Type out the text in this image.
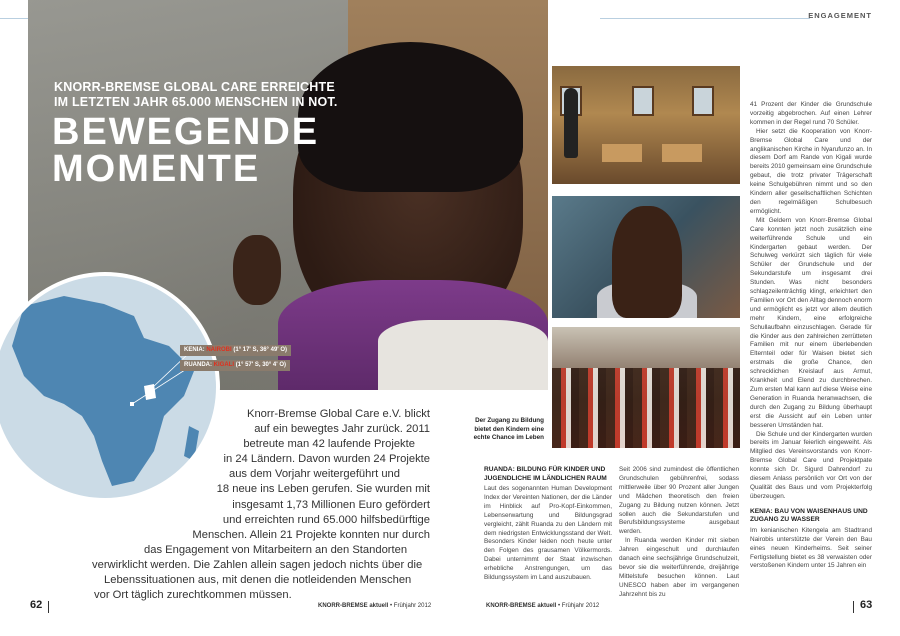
ENGAGEMENT
KNORR-BREMSE GLOBAL CARE ERREICHTE
IM LETZTEN JAHR 65.000 MENSCHEN IN NOT.
BEWEGENDE
MOMENTE
KENIA: NAIROBI (1° 17' S, 36° 49' O)
RUANDA: KIGALI (1° 57' S, 30° 4' O)

Knorr-Bremse Global Care e.V. blickt

auf ein bewegtes Jahr zurück. 2011

betreute man 42 laufende Projekte

in 24 Ländern. Davon wurden 24 Projekte

aus dem Vorjahr weitergeführt und

18 neue ins Leben gerufen. Sie wurden mit

insgesamt 1,73 Millionen Euro gefördert

und erreichten rund 65.000 hilfsbedürftige

Menschen. Allein 21 Projekte konnten nur durch

das Engagement von Mitarbeitern an den Standorten

verwirklicht werden. Die Zahlen allein sagen jedoch nichts über die

Lebenssituationen aus, mit denen die notleidenden Menschen

vor Ort täglich zurechtkommen müssen.

Der Zugang zu Bildung bietet den Kindern eine echte Chance im Leben
RUANDA: BILDUNG FÜR KINDER UND JUGENDLICHE IM LÄNDLICHEN RAUM

Laut des sogenannten Human Development Index der Vereinten Nationen, der die Länder im Hinblick auf Pro-Kopf-Einkommen, Lebenserwartung und Bildungsgrad vergleicht, zählt Ruanda zu den Ländern mit dem niedrigsten Entwicklungsstand der Welt. Besonders Kinder leiden noch heute unter den Folgen des grausamen Völkermords. Dabei unternimmt der Staat inzwischen erhebliche Anstrengungen, um das Bildungssystem im Land auszubauen.

Seit 2006 sind zumindest die öffentlichen Grundschulen gebührenfrei, sodass mittlerweile über 90 Prozent aller Jungen und Mädchen theoretisch den freien Zugang zu Bildung nutzen können. Jetzt sollen auch die Sekundarstufen und Berufsbildungssysteme ausgebaut werden.

In Ruanda werden Kinder mit sieben Jahren eingeschult und durchlaufen danach eine sechsjährige Grundschulzeit, bevor sie die weiterführende, dreijährige Mittelstufe besuchen können. Laut UNESCO haben aber im vergangenen Jahrzehnt bis zu

41 Prozent der Kinder die Grundschule vorzeitig abgebrochen. Auf einen Lehrer kommen in der Regel rund 70 Schüler.

Hier setzt die Kooperation von Knorr-Bremse Global Care und der anglikanischen Kirche in Nyarufunzo an. In diesem Dorf am Rande von Kigali wurde bereits 2010 gemeinsam eine Grundschule gebaut, die trotz privater Trägerschaft keine Schulgebühren nimmt und so den Kindern aller gesellschaftlichen Schichten den regelmäßigen Schulbesuch ermöglicht.

Mit Geldern von Knorr-Bremse Global Care konnten jetzt noch zusätzlich eine weiterführende Schule und ein Kindergarten gebaut werden. Der Schulweg verkürzt sich täglich für viele Schüler der Grundschule und der Sekundarstufe um insgesamt drei Stunden. Was nicht besonders schlagzeilenträchtig klingt, erleichtert den Familien vor Ort den Alltag dennoch enorm und ermöglicht es jetzt vor allem deutlich mehr Kindern, eine erfolgreiche Schullaufbahn einzuschlagen. Gerade für die Kinder aus den zahlreichen zerrütteten Familien mit nur einem überlebenden Elternteil oder für Waisen bietet sich erstmals die große Chance, den schrecklichen Kreislauf aus Armut, Krankheit und Elend zu durchbrechen. Zum ersten Mal kann auf diese Weise eine Generation in Ruanda heranwachsen, die durch den Zugang zu Bildung überhaupt erst die Aussicht auf ein Leben unter besseren Umständen hat.

Die Schule und der Kindergarten wurden bereits im Januar feierlich eingeweiht. Als Mitglied des Vereinsvorstands von Knorr-Bremse Global Care und Projektpate konnte sich Dr. Sigurd Dahrendorf zu diesem Anlass persönlich vor Ort von der Qualität des Baus und vom Projekterfolg überzeugen.

KENIA: BAU VON WAISENHAUS UND ZUGANG ZU WASSER

Im kenianischen Kitengela am Stadtrand Nairobis unterstützte der Verein den Bau eines neuen Kinderheims. Seit seiner Fertigstellung bietet es 38 verwaisten oder verstoßenen Kindern unter 15 Jahren ein

62	KNORR-BREMSE aktuell • Frühjahr 2012	KNORR-BREMSE aktuell • Frühjahr 2012	63
